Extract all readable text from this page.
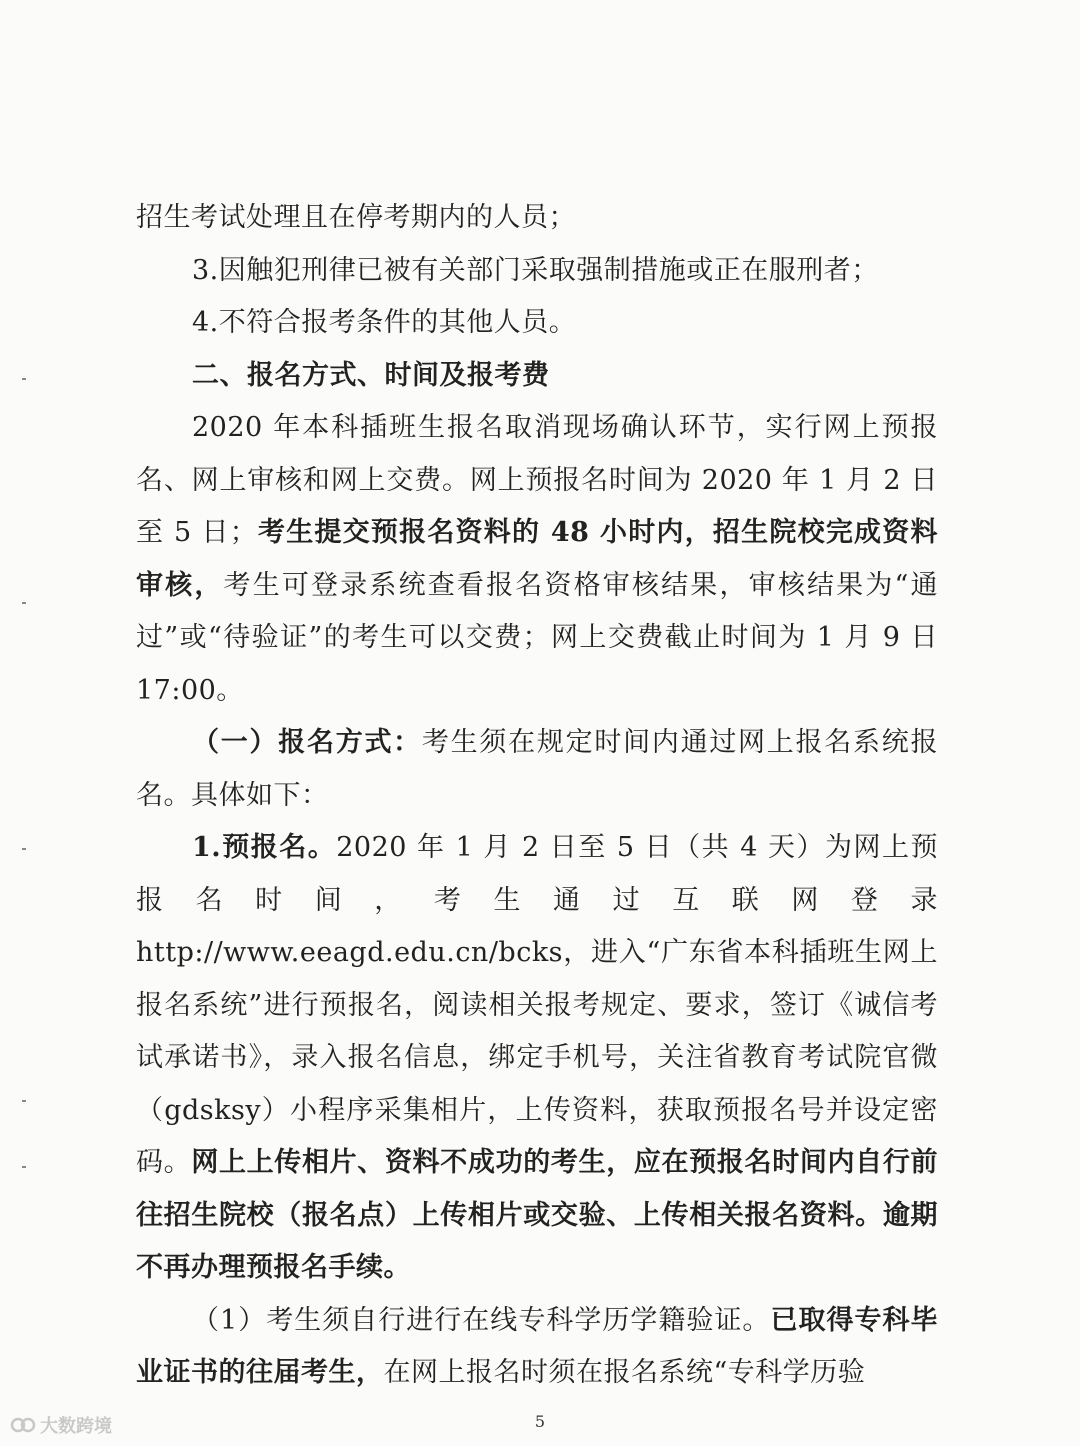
招生考试处理且在停考期内的人员；

3.因触犯刑律已被有关部门采取强制措施或正在服刑者；

4.不符合报考条件的其他人员。

二、报名方式、时间及报考费

2020 年本科插班生报名取消现场确认环节，实行网上预报名、网上审核和网上交费。网上预报名时间为 2020 年 1 月 2 日至 5 日；考生提交预报名资料的 48 小时内，招生院校完成资料审核，考生可登录系统查看报名资格审核结果，审核结果为“通过”或“待验证”的考生可以交费；网上交费截止时间为 1 月 9 日 17:00。

（一）报名方式：考生须在规定时间内通过网上报名系统报名。具体如下：

1.预报名。2020 年 1 月 2 日至 5 日（共 4 天）为网上预报名时间，考生通过互联网登录 http://www.eeagd.edu.cn/bcks，进入“广东省本科插班生网上报名系统”进行预报名，阅读相关报考规定、要求，签订《诚信考试承诺书》，录入报名信息，绑定手机号，关注省教育考试院官微（gdsksy）小程序采集相片，上传资料，获取预报名号并设定密码。网上上传相片、资料不成功的考生，应在预报名时间内自行前往招生院校（报名点）上传相片或交验、上传相关报名资料。逾期不再办理预报名手续。

（1）考生须自行进行在线专科学历学籍验证。已取得专科毕业证书的往届考生，在网上报名时须在报名系统“专科学历验

5
大数跨境
